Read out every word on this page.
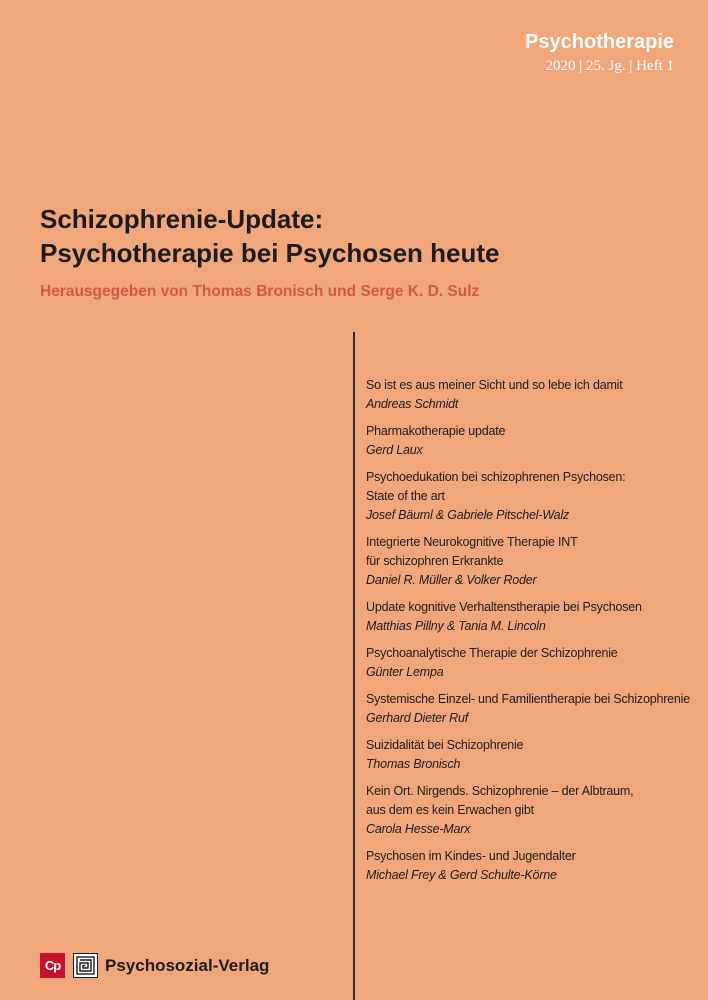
Psychotherapie
2020 | 25. Jg. | Heft 1
Schizophrenie-Update:
Psychotherapie bei Psychosen heute
Herausgegeben von Thomas Bronisch und Serge K. D. Sulz
So ist es aus meiner Sicht und so lebe ich damit
Andreas Schmidt
Pharmakotherapie update
Gerd Laux
Psychoedukation bei schizophrenen Psychosen:
State of the art
Josef Bäuml & Gabriele Pitschel-Walz
Integrierte Neurokognitive Therapie INT
für schizophren Erkrankte
Daniel R. Müller & Volker Roder
Update kognitive Verhaltenstherapie bei Psychosen
Matthias Pillny & Tania M. Lincoln
Psychoanalytische Therapie der Schizophrenie
Günter Lempa
Systemische Einzel- und Familientherapie bei Schizophrenie
Gerhard Dieter Ruf
Suizidalität bei Schizophrenie
Thomas Bronisch
Kein Ort. Nirgends. Schizophrenie – der Albtraum,
aus dem es kein Erwachen gibt
Carola Hesse-Marx
Psychosen im Kindes- und Jugendalter
Michael Frey & Gerd Schulte-Körne
Cp	Psychosozial-Verlag
